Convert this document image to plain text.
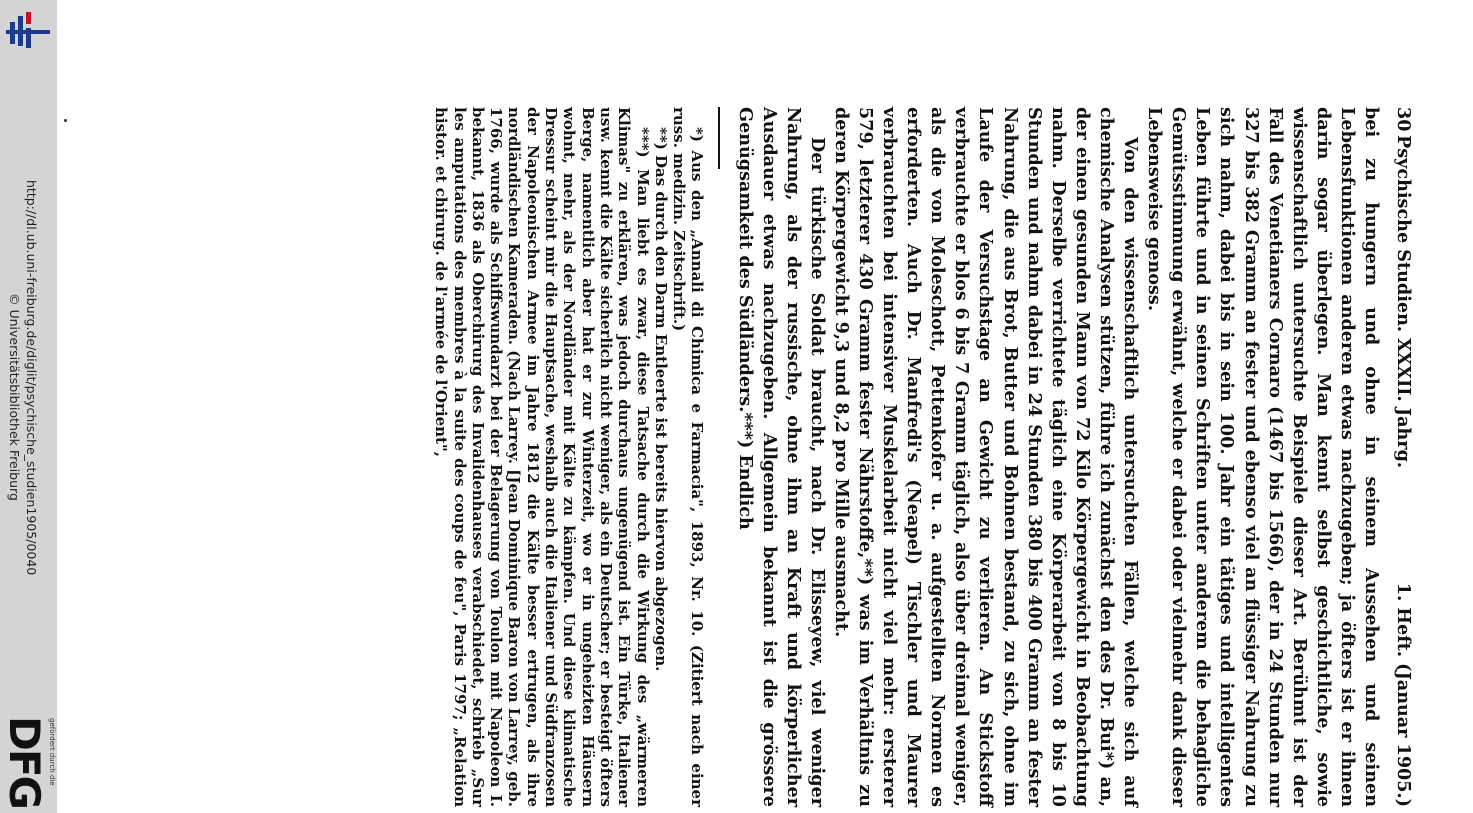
http://dl.ub.uni-freiburg.de/diglit/psychische_studien1905/0040
© Universitätsbibliothek Freiburg
gefördert durch die
DFG
30
Psychische Studien. XXXII. Jahrg.
1. Heft. (Januar 1905.)

bei zu hungern und ohne in seinem Aussehen und seinen Lebensfunktionen anderen etwas nachzugeben; ja öfters ist er ihnen darin sogar überlegen. Man kennt selbst geschichtliche, sowie wissenschaftlich untersuchte Beispiele dieser Art. Berühmt ist der Fall des Venetianers Cornaro (1467 bis 1566), der in 24 Stunden nur 327 bis 382 Gramm an fester und ebenso viel an flüssiger Nahrung zu sich nahm, dabei bis in sein 100. Jahr ein tätiges und intelligentes Leben führte und in seinen Schriften unter anderem die behagliche Gemütsstimmung erwähnt, welche er dabei oder vielmehr dank dieser Lebensweise genoss.

Von den wissenschaftlich untersuchten Fällen, welche sich auf chemische Analysen stützen, führe ich zunächst den des Dr. Bui*) an, der einen gesunden Mann von 72 Kilo Körpergewicht in Beobachtung nahm. Derselbe verrichtete täglich eine Körperarbeit von 8 bis 10 Stunden und nahm dabei in 24 Stunden 380 bis 400 Gramm an fester Nahrung, die aus Brot, Butter und Bohnen bestand, zu sich, ohne im Laufe der Versuchstage an Gewicht zu verlieren. An Stickstoff verbrauchte er blos 6 bis 7 Gramm täglich, also über dreimal weniger, als die von Moleschott, Pettenkofer u. a. aufgestellten Normen es erforderten. Auch Dr. Manfredi's (Neapel) Tischler und Maurer verbrauchten bei intensiver Muskelarbeit nicht viel mehr: ersterer 579, letzterer 430 Gramm fester Nährstoffe,**) was im Verhältnis zu deren Körpergewicht 9,3 und 8,2 pro Mille ausmacht.

Der türkische Soldat braucht, nach Dr. Elisseyew, viel weniger Nahrung, als der russische, ohne ihm an Kraft und körperlicher Ausdauer etwas nachzugeben. Allgemein bekannt ist die grössere Genügsamkeit des Südländers.***) Endlich

*) Aus den „Annali di Chimica e Farmacia", 1893, Nr. 10. (Zitiert nach einer russ. medizin. Zeitschrift.)

**) Das durch den Darm Entleerte ist bereits hiervon abgezogen.

***) Man liebt es zwar, diese Tatsache durch die Wirkung des „wärmeren Klimas" zu erklären, was jedoch durchaus ungenügend ist. Ein Türke, Italiener usw. kennt die Kälte sicherlich nicht weniger, als ein Deutscher; er besteigt öfters Berge, namentlich aber hat er zur Winterzeit, wo er in ungeheizten Häusern wohnt, mehr, als der Nordländer mit Kälte zu kämpfen. Und diese klimatische Dressur scheint mir die Hauptsache, weshalb auch die Italiener und Südfranzosen der Napoleonischen Armee im Jahre 1812 die Kälte besser ertrugen, als ihre nordländischen Kameraden. (Nach Larrey. [Jean Dominique Baron von Larrey, geb. 1766, wurde als Schiffswundarzt bei der Belagerung von Toulon mit Napoleon I. bekannt, 1836 als Oberchirurg des Invalidenhauses verabschiedet, schrieb „Sur les amputations des membres à la suite des coups de feu", Paris 1797; „Relation histor. et chirurg. de l'armée de l'Orient",
